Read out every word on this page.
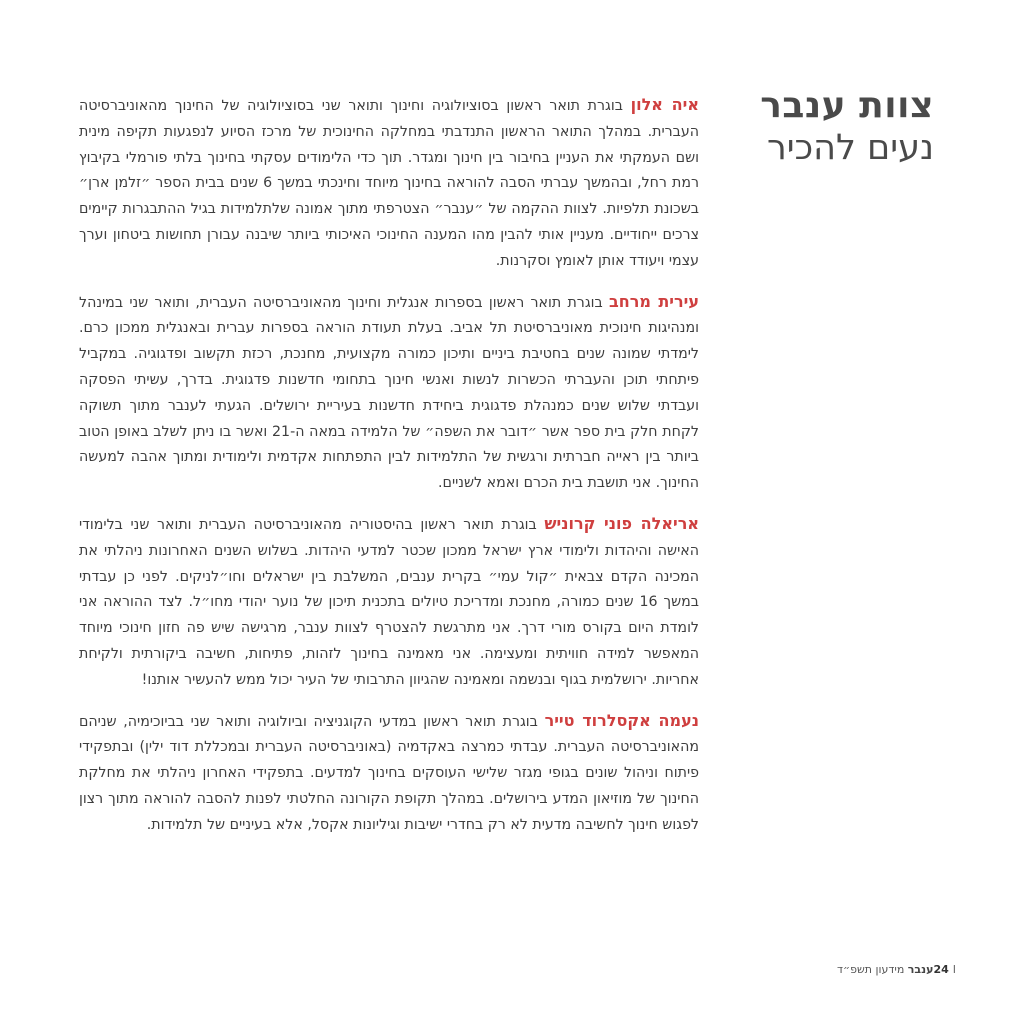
צוות ענבר
נעים להכיר

איה אלון בוגרת תואר ראשון בסוציולוגיה וחינוך ותואר שני בסוציולוגיה של החינוך מהאוניברסיטה העברית. במהלך התואר הראשון התנדבתי במחלקה החינוכית של מרכז הסיוע לנפגעות תקיפה מינית ושם העמקתי את העניין בחיבור בין חינוך ומגדר. תוך כדי הלימודים עסקתי בחינוך בלתי פורמלי בקיבוץ רמת רחל, ובהמשך עברתי הסבה להוראה בחינוך מיוחד וחינכתי במשך 6 שנים בבית הספר ״זלמן ארן״ בשכונת תלפיות. לצוות ההקמה של ״ענבר״ הצטרפתי מתוך אמונה שלתלמידות בגיל ההתבגרות קיימים צרכים ייחודיים. מעניין אותי להבין מהו המענה החינוכי האיכותי ביותר שיבנה עבורן תחושות ביטחון וערך עצמי ויעודד אותן לאומץ וסקרנות.

עירית מרחב בוגרת תואר ראשון בספרות אנגלית וחינוך מהאוניברסיטה העברית, ותואר שני במינהל ומנהיגות חינוכית מאוניברסיטת תל אביב. בעלת תעודת הוראה בספרות עברית ובאנגלית ממכון כרם. לימדתי שמונה שנים בחטיבת ביניים ותיכון כמורה מקצועית, מחנכת, רכזת תקשוב ופדגוגיה. במקביל פיתחתי תוכן והעברתי הכשרות לנשות ואנשי חינוך בתחומי חדשנות פדגוגית. בדרך, עשיתי הפסקה ועבדתי שלוש שנים כמנהלת פדגוגית ביחידת חדשנות בעיריית ירושלים. הגעתי לענבר מתוך תשוקה לקחת חלק בית ספר אשר ״דובר את השפה״ של הלמידה במאה ה-21 ואשר בו ניתן לשלב באופן הטוב ביותר בין ראייה חברתית ורגשית של התלמידות לבין התפתחות אקדמית ולימודית ומתוך אהבה למעשה החינוך. אני תושבת בית הכרם ואמא לשניים.

אריאלה פוני קרוניש בוגרת תואר ראשון בהיסטוריה מהאוניברסיטה העברית ותואר שני בלימודי האישה והיהדות ולימודי ארץ ישראל ממכון שכטר למדעי היהדות. בשלוש השנים האחרונות ניהלתי את המכינה הקדם צבאית ״קול עמי״ בקרית ענבים, המשלבת בין ישראלים וחו״לניקים. לפני כן עבדתי במשך 16 שנים כמורה, מחנכת ומדריכת טיולים בתכנית תיכון של נוער יהודי מחו״ל. לצד ההוראה אני לומדת היום בקורס מורי דרך. אני מתרגשת להצטרף לצוות ענבר, מרגישה שיש פה חזון חינוכי מיוחד המאפשר למידה חוויתית ומעצימה. אני מאמינה בחינוך לזהות, פתיחות, חשיבה ביקורתית ולקיחת אחריות. ירושלמית בגוף ובנשמה ומאמינה שהגיוון התרבותי של העיר יכול ממש להעשיר אותנו!

נעמה אקסלרוד טייר בוגרת תואר ראשון במדעי הקוגניציה וביולוגיה ותואר שני בביוכימיה, שניהם מהאוניברסיטה העברית. עבדתי כמרצה באקדמיה (באוניברסיטה העברית ובמכללת דוד ילין) ובתפקידי פיתוח וניהול שונים בגופי מגזר שלישי העוסקים בחינוך למדעים. בתפקידי האחרון ניהלתי את מחלקת החינוך של מוזיאון המדע בירושלים. במהלך תקופת הקורונה החלטתי לפנות להסבה להוראה מתוך רצון לפגוש חינוך לחשיבה מדעית לא רק בחדרי ישיבות וגיליונות אקסל, אלא בעיניים של תלמידות.

24 Iענבר מידעון תשפ״ד
